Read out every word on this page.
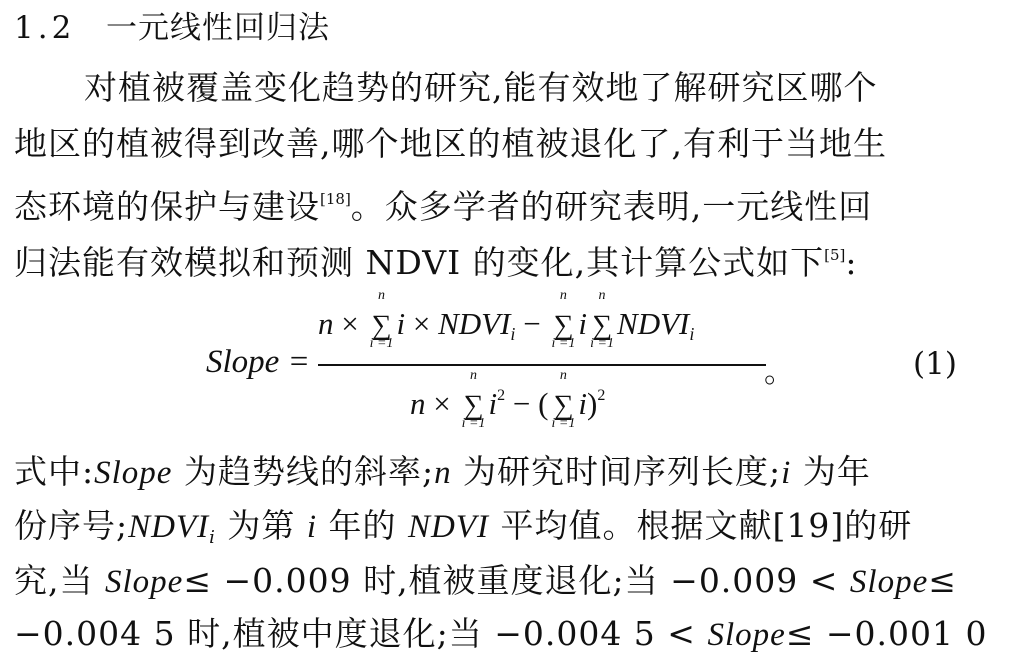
1.2 一元线性回归法
对植被覆盖变化趋势的研究,能有效地了解研究区哪个
地区的植被得到改善,哪个地区的植被退化了,有利于当地生
态环境的保护与建设[18]。众多学者的研究表明,一元线性回
归法能有效模拟和预测 NDVI 的变化,其计算公式如下[5]:
Slope =
n ×
n
∑
i =1
$i \times NDVI_i$ −
n
∑
i =1
i
n
∑
i =1
$NDVI_i$
n ×
n
∑
i =1
$i^2$ − (
n
∑
i =1
i)$^2$
。	(1)
式中:Slope 为趋势线的斜率;n 为研究时间序列长度;i 为年
份序号$;NDVI_i$ 为第 i 年的 NDVI 平均值。根据文献[19]的研
究,当 Slope≤ −0.009 时,植被重度退化;当 −0.009 < Slope≤
−0.004 5 时,植被中度退化;当 −0.004 5 < Slope≤ −0.001 0
